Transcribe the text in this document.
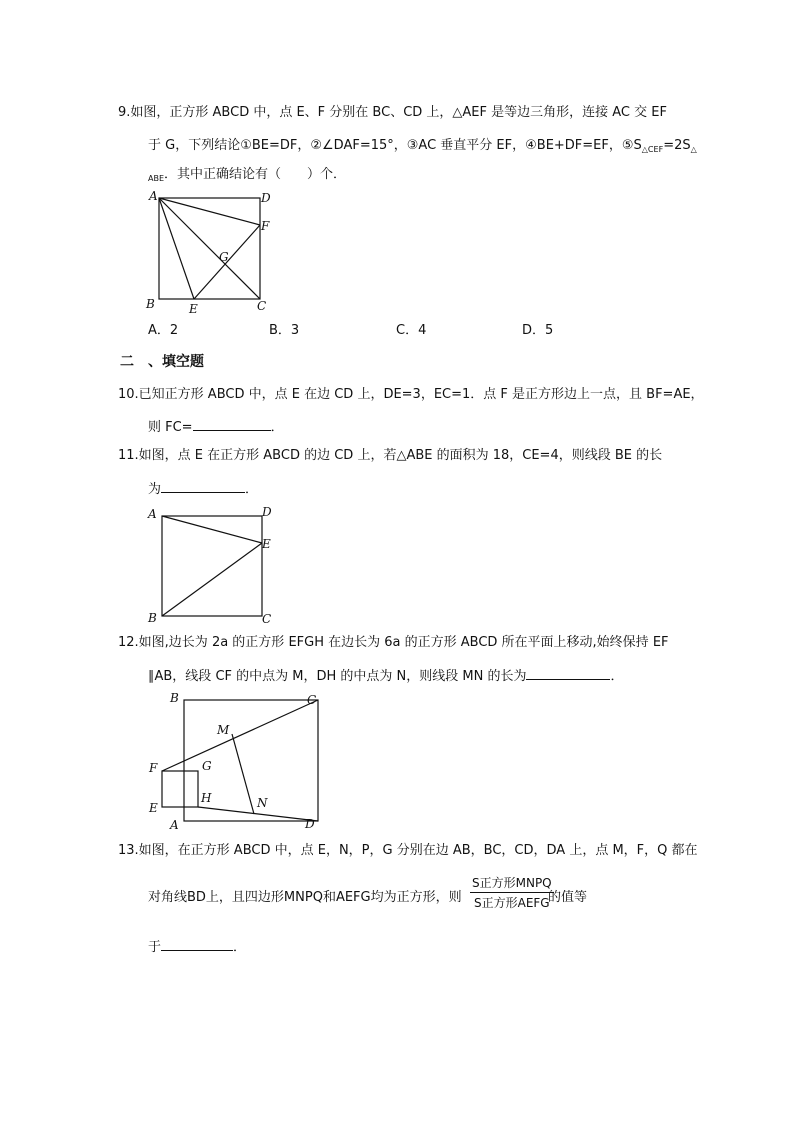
9.如图，正方形 ABCD 中，点 E、F 分别在 BC、CD 上，△AEF 是等边三角形，连接 AC 交 EF
于 G，下列结论①BE=DF，②∠DAF=15°，③AC 垂直平分 EF，④BE+DF=EF，$⑤S_{\triangle CEF}=2S_\triangle$
$_{ABE}$．其中正确结论有（　　）个．
A	D
F
G
B	E	C
A．2	B．3	C．4	D．5
二　、填空题
10.已知正方形 ABCD 中，点 E 在边 CD 上，DE=3，EC=1．点 F 是正方形边上一点，且 BF=AE，
则 FC=	．
11.如图，点 E 在正方形 ABCD 的边 CD 上，若△ABE 的面积为 18，CE=4，则线段 BE 的长
为	．
A	D
E
B	C
12.如图,边长为 2a 的正方形 EFGH 在边长为 6a 的正方形 ABCD 所在平面上移动,始终保持 EF
∥AB，线段 CF 的中点为 M，DH 的中点为 N，则线段 MN 的长为	．
B	C
M
F	G
E
H	N
A	D
13.如图，在正方形 ABCD 中，点 E，N，P，G 分别在边 AB，BC，CD，DA 上，点 M，F，Q 都在
对角线BD上，且四边形MNPQ和AEFG均为正方形，则
S正方形MNPQ
S正方形AEFG
的值等
于	．
